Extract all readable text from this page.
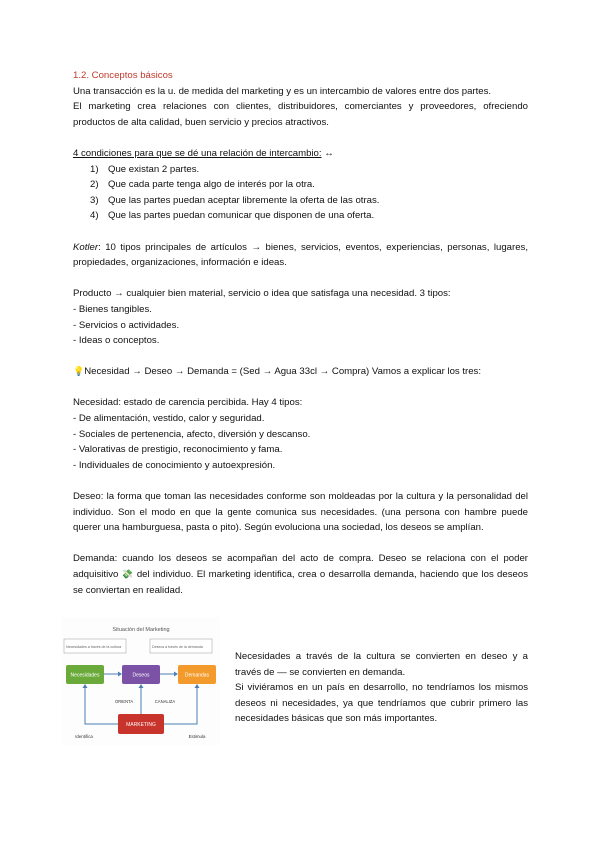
1.2. Conceptos básicos

Una transacción es la u. de medida del marketing y es un intercambio de valores entre dos partes.

El marketing crea relaciones con clientes, distribuidores, comerciantes y proveedores, ofreciendo productos de alta calidad, buen servicio y precios atractivos.

4 condiciones para que se dé una relación de intercambio: ↔

1) Que existan 2 partes.
2) Que cada parte tenga algo de interés por la otra.
3) Que las partes puedan aceptar libremente la oferta de las otras.
4) Que las partes puedan comunicar que disponen de una oferta.

Kotler: 10 tipos principales de artículos → bienes, servicios, eventos, experiencias, personas, lugares, propiedades, organizaciones, información e ideas.

Producto → cualquier bien material, servicio o idea que satisfaga una necesidad. 3 tipos:

- Bienes tangibles.

- Servicios o actividades.

- Ideas o conceptos.

💡Necesidad → Deseo → Demanda = (Sed → Agua 33cl → Compra) Vamos a explicar los tres:

Necesidad: estado de carencia percibida. Hay 4 tipos:

- De alimentación, vestido, calor y seguridad.

- Sociales de pertenencia, afecto, diversión y descanso.

- Valorativas de prestigio, reconocimiento y fama.

- Individuales de conocimiento y autoexpresión.

Deseo: la forma que toman las necesidades conforme son moldeadas por la cultura y la personalidad del individuo. Son el modo en que la gente comunica sus necesidades. (una persona con hambre puede querer una hamburguesa, pasta o pito). Según evoluciona una sociedad, los deseos se amplían.

Demanda: cuando los deseos se acompañan del acto de compra. Deseo se relaciona con el poder adquisitivo 💸 del individuo. El marketing identifica, crea o desarrolla demanda, haciendo que los deseos se conviertan en realidad.

Situación del Marketing
Necesidades a través de la cultura	Deseos a través de la demanda
Necesidades	Deseos	Demandas
ORIENTA	CANALIZA
MARKETING
Identifica	Estimula

Necesidades a través de la cultura se convierten en deseo y a través de — se convierten en demanda.

Si viviéramos en un país en desarrollo, no tendríamos los mismos deseos ni necesidades, ya que tendríamos que cubrir primero las necesidades básicas que son más importantes.
